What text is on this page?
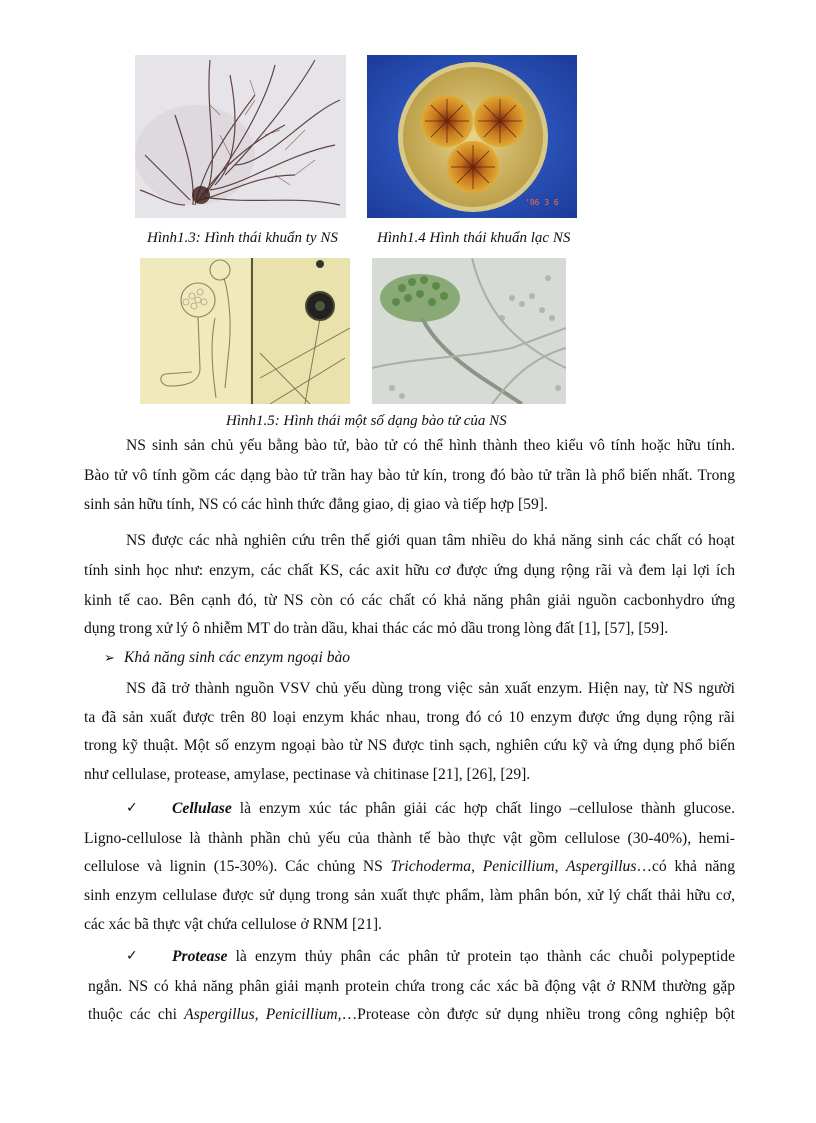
'06 3 6
Hình1.3: Hình thái khuẩn ty NS	Hình1.4 Hình thái khuẩn lạc NS
Hình1.5: Hình thái một số dạng bào tử của NS
NS sinh sản chủ yếu bằng bào tử, bào tử có thể hình thành theo kiểu vô tính hoặc hữu tính.
Bào tử vô tính gồm các dạng bào tử trần hay bào tử kín, trong đó bào tử trần là phổ biến nhất. Trong
sinh sản hữu tính, NS có các hình thức đẳng giao, dị giao và tiếp hợp [59].
NS được các nhà nghiên cứu trên thế giới quan tâm nhiều do khả năng sinh các chất có hoạt
tính sinh học như: enzym, các chất KS, các axit hữu cơ được ứng dụng rộng rãi và đem lại lợi ích
kinh tế cao. Bên cạnh đó, từ NS còn có các chất có khả năng phân giải nguồn cacbonhydro ứng
dụng trong xử lý ô nhiễm MT do tràn dầu, khai thác các mỏ dầu trong lòng đất [1], [57], [59].
➢ Khả năng sinh các enzym ngoại bào
NS đã trở thành nguồn VSV chủ yếu dùng trong việc sản xuất enzym. Hiện nay, từ NS người
ta đã sản xuất được trên 80 loại enzym khác nhau, trong đó có 10 enzym được ứng dụng rộng rãi
trong kỹ thuật. Một số enzym ngoại bào từ NS được tinh sạch, nghiên cứu kỹ và ứng dụng phổ biến
như cellulase, protease, amylase, pectinase và chitinase [21], [26], [29].
✓ Cellulase là enzym xúc tác phân giải các hợp chất lingo –cellulose thành glucose.
Ligno-cellulose là thành phần chủ yếu của thành tế bào thực vật gồm cellulose (30-40%), hemi-
cellulose và lignin (15-30%). Các chủng NS Trichoderma, Penicillium, Aspergillus…có khả năng
sinh enzym cellulase được sử dụng trong sản xuất thực phẩm, làm phân bón, xử lý chất thải hữu cơ,
các xác bã thực vật chứa cellulose ở RNM [21].
✓ Protease là enzym thủy phân các phân tử protein tạo thành các chuỗi polypeptide
ngắn. NS có khả năng phân giải mạnh protein chứa trong các xác bã động vật ở RNM thường gặp
thuộc các chi Aspergillus, Penicillium,…Protease còn được sử dụng nhiều trong công nghiệp bột
